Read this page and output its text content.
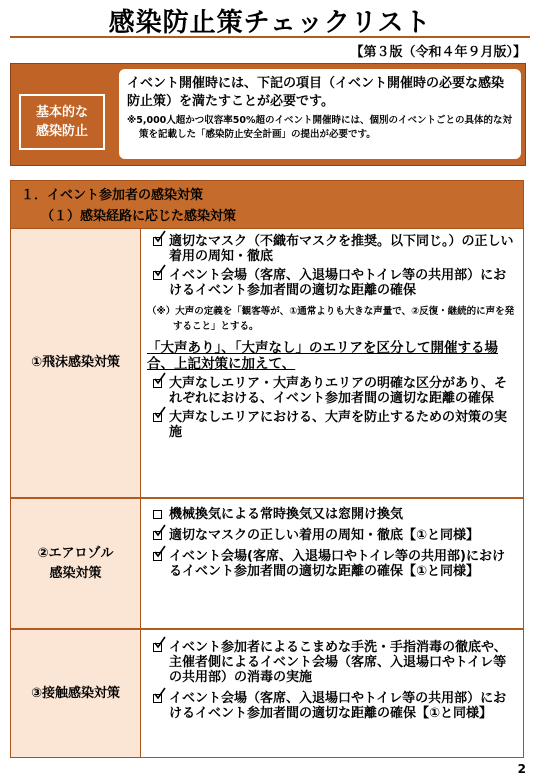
感染防止策チェックリスト
【第３版（令和４年９月版）】
基本的な
感染防止
イベント開催時には、下記の項目（イベント開催時の必要な感染防止策）を満たすことが必要です。
※5,000人超かつ収容率50%超のイベント開催時には、個別のイベントごとの具体的な対策を記載した「感染防止安全計画」の提出が必要です。
１．イベント参加者の感染対策
（１）感染経路に応じた感染対策
①飛沫感染対策
適切なマスク（不織布マスクを推奨。以下同じ。）の正しい着用の周知・徹底
イベント会場（客席、入退場口やトイレ等の共用部）におけるイベント参加者間の適切な距離の確保
（※）大声の定義を「観客等が、①通常よりも大きな声量で、②反復・継続的に声を発すること」とする。
「大声あり」、「大声なし」のエリアを区分して開催する場合、上記対策に加えて、
大声なしエリア・大声ありエリアの明確な区分があり、それぞれにおける、イベント参加者間の適切な距離の確保
大声なしエリアにおける、大声を防止するための対策の実施
②エアロゾル
感染対策
機械換気による常時換気又は窓開け換気
適切なマスクの正しい着用の周知・徹底【①と同様】
イベント会場(客席、入退場口やトイレ等の共用部)におけるイベント参加者間の適切な距離の確保【①と同様】
③接触感染対策
イベント参加者によるこまめな手洗・手指消毒の徹底や、主催者側によるイベント会場（客席、入退場口やトイレ等の共用部）の消毒の実施
イベント会場（客席、入退場口やトイレ等の共用部）におけるイベント参加者間の適切な距離の確保【①と同様】
2
